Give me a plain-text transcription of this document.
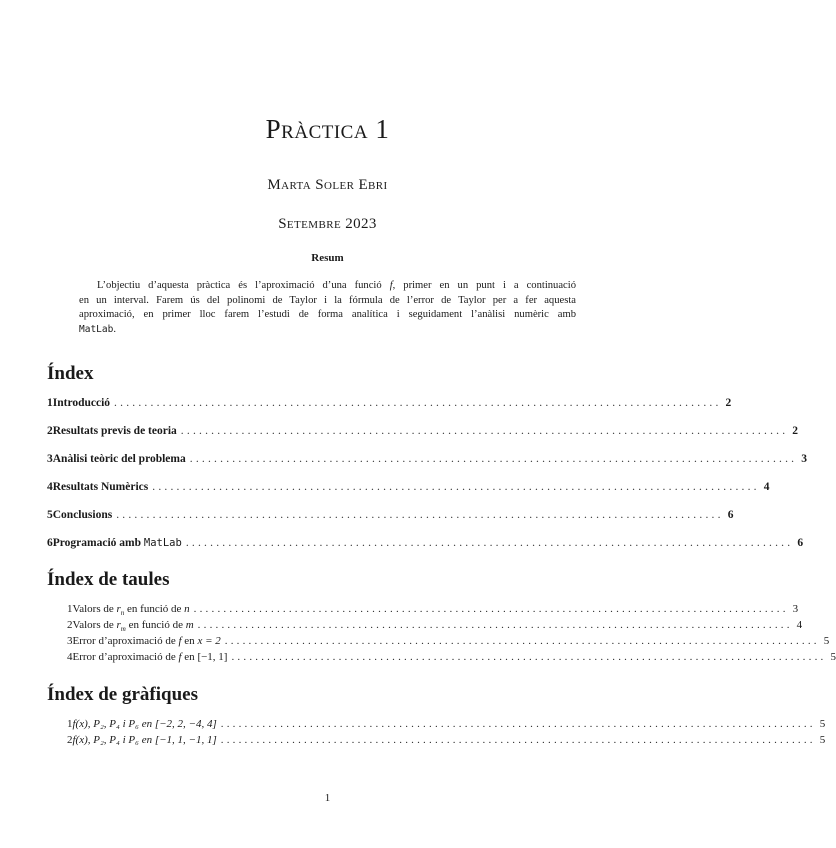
Pràctica 1
Marta Soler Ebri
Setembre 2023
Resum
L’objectiu d’aquesta pràctica és l’aproximació d’una funció f, primer en un punt i a continuació
en un interval. Farem ús del polinomi de Taylor i la fórmula de l’error de Taylor per a fer aquesta
aproximació, en primer lloc farem l’estudi de forma analítica i seguidament l’anàlisi numèric amb
MatLab.
Índex
1 Introducció .................................................................................................... 2
2 Resultats previs de teoria .................................................................................................... 2
3 Anàlisi teòric del problema .................................................................................................... 3
4 Resultats Numèrics .................................................................................................... 4
5 Conclusions .................................................................................................... 6
6 Programació amb MatLab .................................................................................................... 6
Índex de taules
1 Valors de $r_n$ en funció de n .................................................................................................... 3
2 Valors de $r_m$ en funció de m .................................................................................................... 4
3 Error d’aproximació de f en x = 2 .................................................................................................... 5
4 Error d’aproximació de f en [−1, 1] .................................................................................................... 5
Índex de gràfiques
1 f(x), P₂, P₄ i P₆ en [−2, 2, −4, 4] .................................................................................................... 5
2 f(x), P₂, P₄ i P₆ en [−1, 1, −1, 1] .................................................................................................... 5
1
